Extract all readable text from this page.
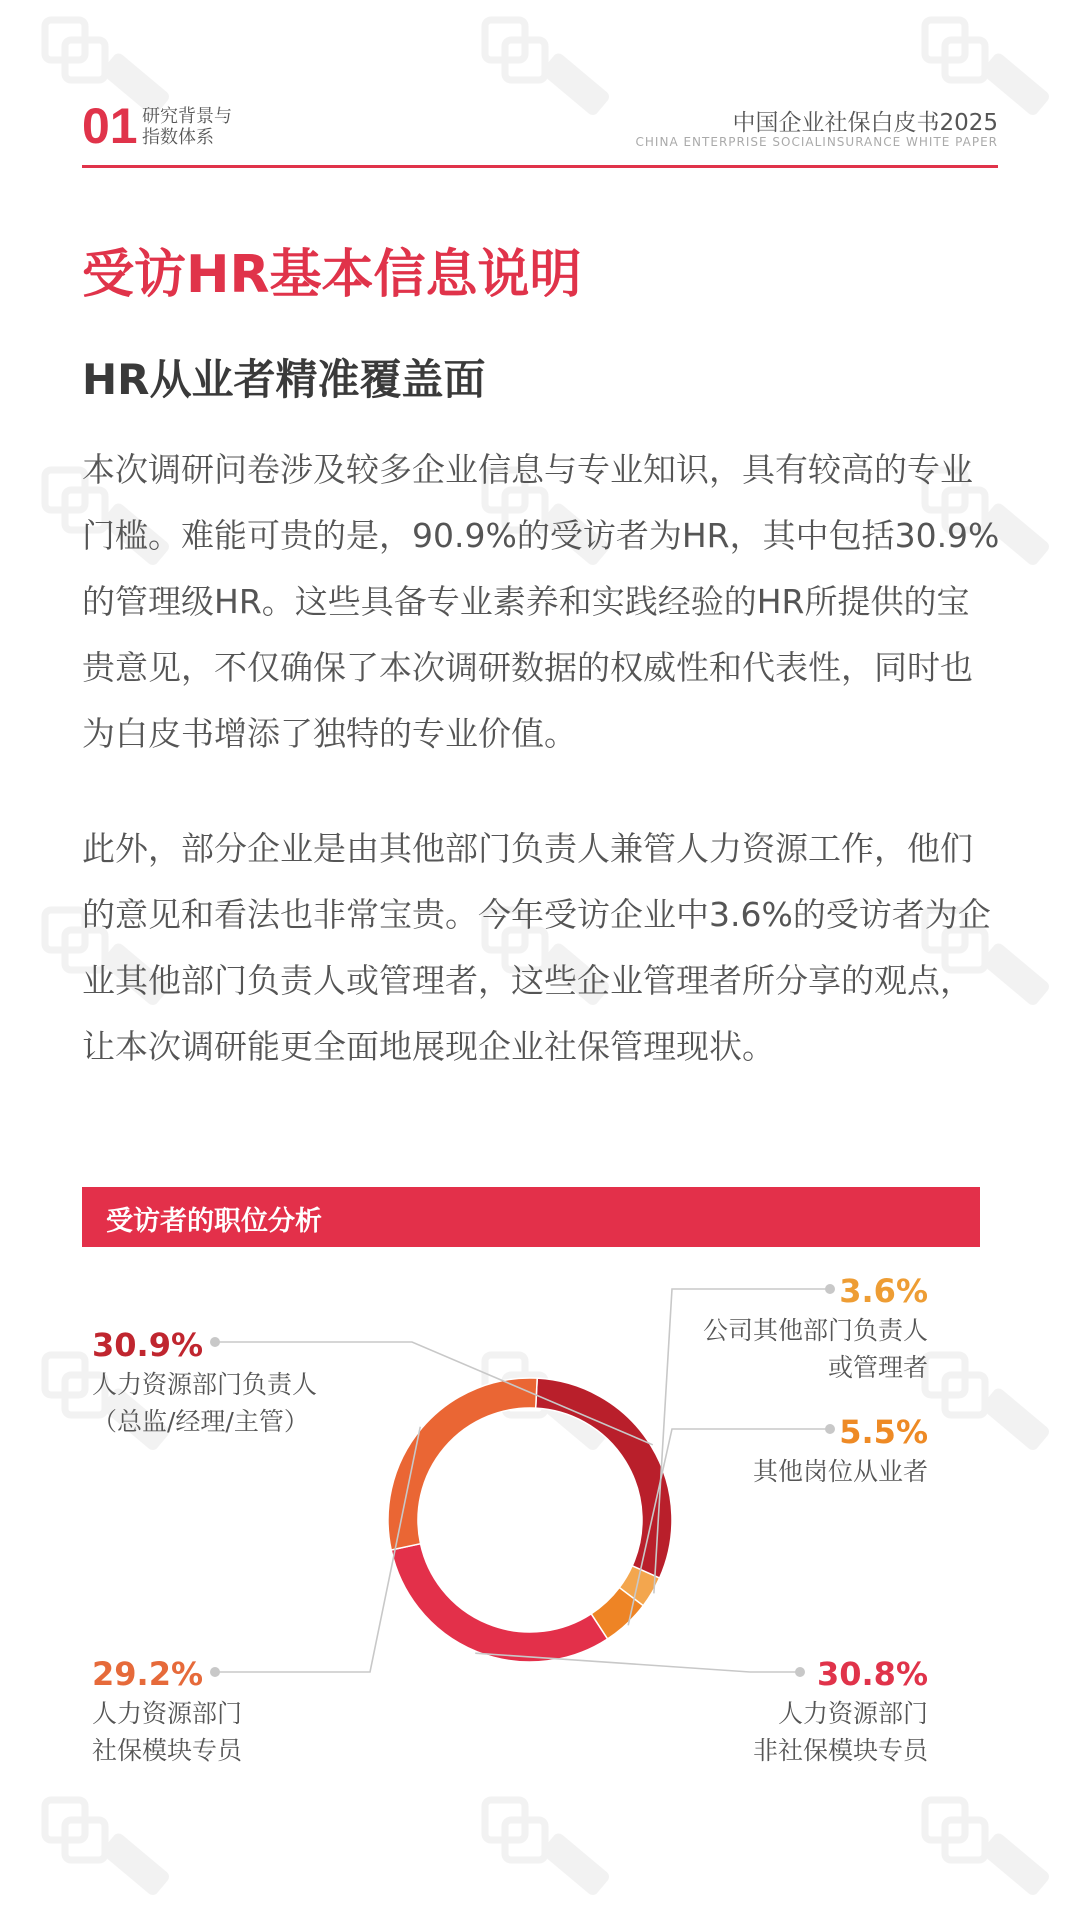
01 研究背景与
指数体系
中国企业社保白皮书2025
CHINA ENTERPRISE SOCIALINSURANCE WHITE PAPER
受访HR基本信息说明
HR从业者精准覆盖面

本次调研问卷涉及较多企业信息与专业知识，具有较高的专业门槛。难能可贵的是，90.9%的受访者为HR，其中包括30.9%的管理级HR。这些具备专业素养和实践经验的HR所提供的宝贵意见，不仅确保了本次调研数据的权威性和代表性，同时也为白皮书增添了独特的专业价值。

此外，部分企业是由其他部门负责人兼管人力资源工作，他们的意见和看法也非常宝贵。今年受访企业中3.6%的受访者为企业其他部门负责人或管理者，这些企业管理者所分享的观点，让本次调研能更全面地展现企业社保管理现状。

受访者的职位分析
30.9%
人力资源部门负责人
（总监/经理/主管）
3.6%
公司其他部门负责人
或管理者
5.5%
其他岗位从业者
30.8%
人力资源部门
非社保模块专员
29.2%
人力资源部门
社保模块专员
